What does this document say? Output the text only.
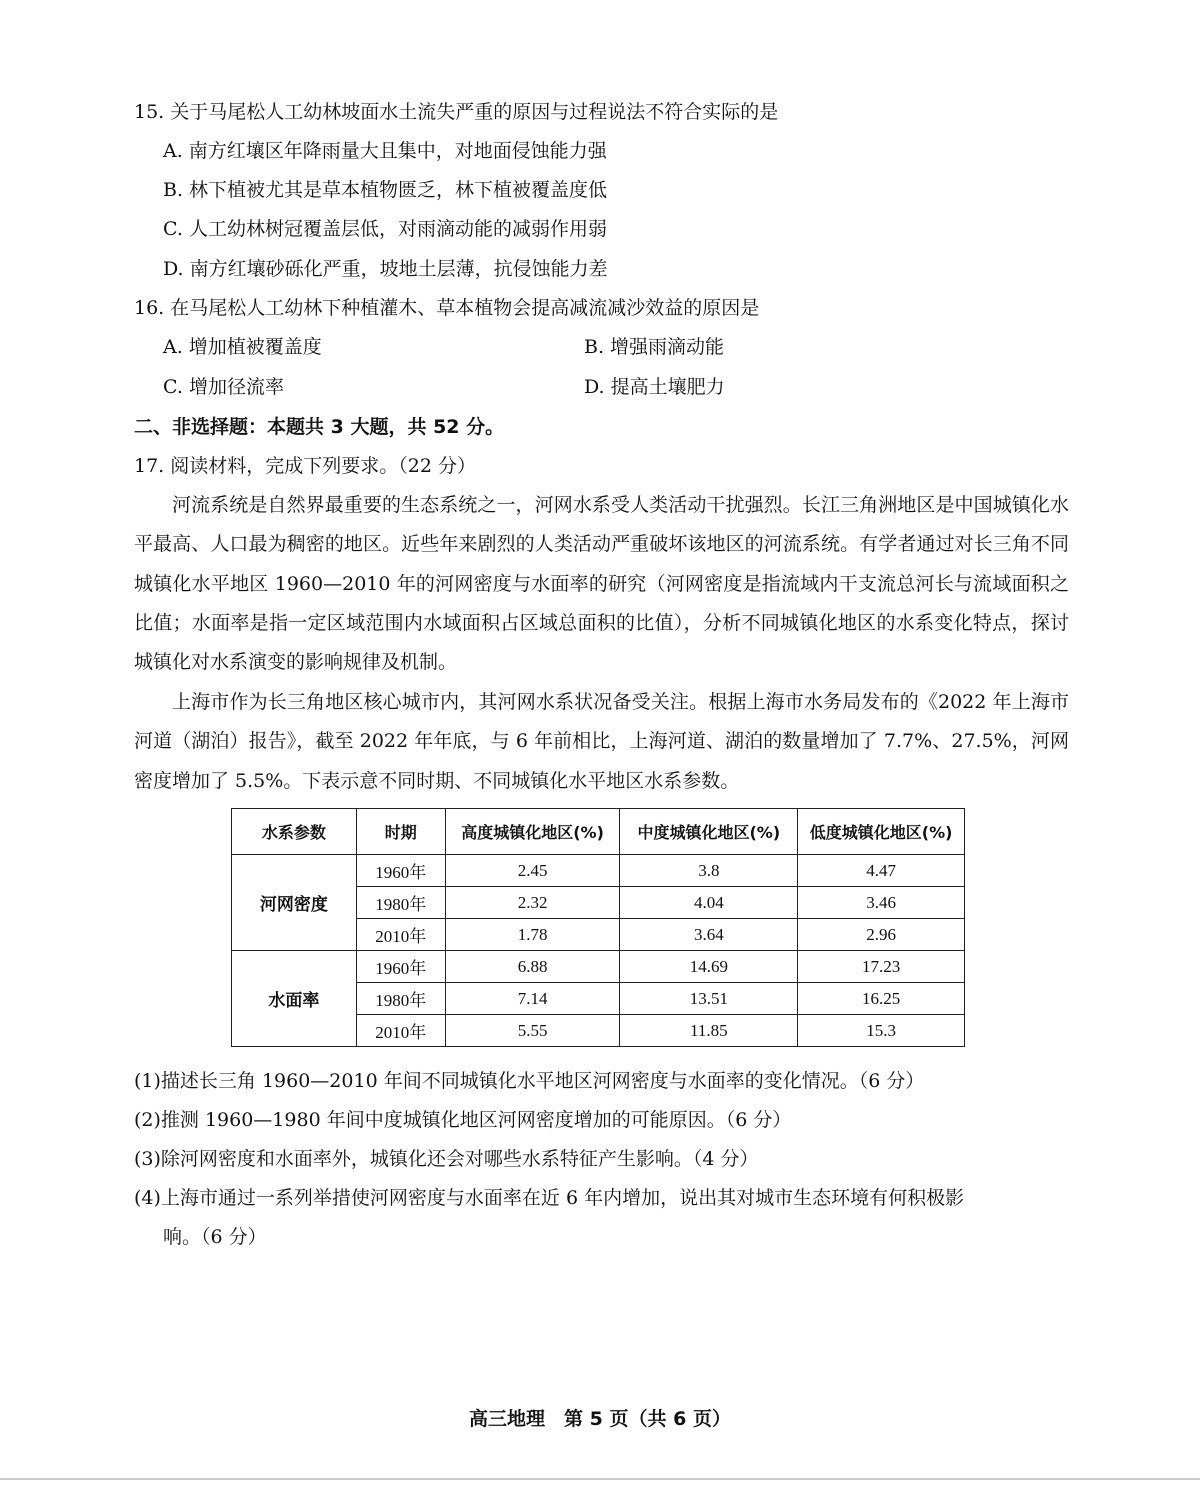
15. 关于马尾松人工幼林坡面水土流失严重的原因与过程说法不符合实际的是
A. 南方红壤区年降雨量大且集中，对地面侵蚀能力强
B. 林下植被尤其是草本植物匮乏，林下植被覆盖度低
C. 人工幼林树冠覆盖层低，对雨滴动能的减弱作用弱
D. 南方红壤砂砾化严重，坡地土层薄，抗侵蚀能力差
16. 在马尾松人工幼林下种植灌木、草本植物会提高减流减沙效益的原因是
A. 增加植被覆盖度	B. 增强雨滴动能
C. 增加径流率	D. 提高土壤肥力
二、非选择题：本题共 3 大题，共 52 分。
17. 阅读材料，完成下列要求。（22 分）
河流系统是自然界最重要的生态系统之一，河网水系受人类活动干扰强烈。长江三角洲地区是中国城镇化水平最高、人口最为稠密的地区。近些年来剧烈的人类活动严重破坏该地区的河流系统。有学者通过对长三角不同城镇化水平地区 1960—2010 年的河网密度与水面率的研究（河网密度是指流域内干支流总河长与流域面积之比值；水面率是指一定区域范围内水域面积占区域总面积的比值），分析不同城镇化地区的水系变化特点，探讨城镇化对水系演变的影响规律及机制。
上海市作为长三角地区核心城市内，其河网水系状况备受关注。根据上海市水务局发布的《2022 年上海市河道（湖泊）报告》，截至 2022 年年底，与 6 年前相比，上海河道、湖泊的数量增加了 7.7%、27.5%，河网密度增加了 5.5%。下表示意不同时期、不同城镇化水平地区水系参数。
水系参数	时期	高度城镇化地区(%)	中度城镇化地区(%)	低度城镇化地区(%)
河网密度	1960年	2.45	3.8	4.47
	1980年	2.32	4.04	3.46
	2010年	1.78	3.64	2.96
水面率	1960年	6.88	14.69	17.23
	1980年	7.14	13.51	16.25
	2010年	5.55	11.85	15.3
(1)描述长三角 1960—2010 年间不同城镇化水平地区河网密度与水面率的变化情况。（6 分）
(2)推测 1960—1980 年间中度城镇化地区河网密度增加的可能原因。（6 分）
(3)除河网密度和水面率外，城镇化还会对哪些水系特征产生影响。（4 分）
(4)上海市通过一系列举措使河网密度与水面率在近 6 年内增加，说出其对城市生态环境有何积极影
响。（6 分）
高三地理　第 5 页（共 6 页）
